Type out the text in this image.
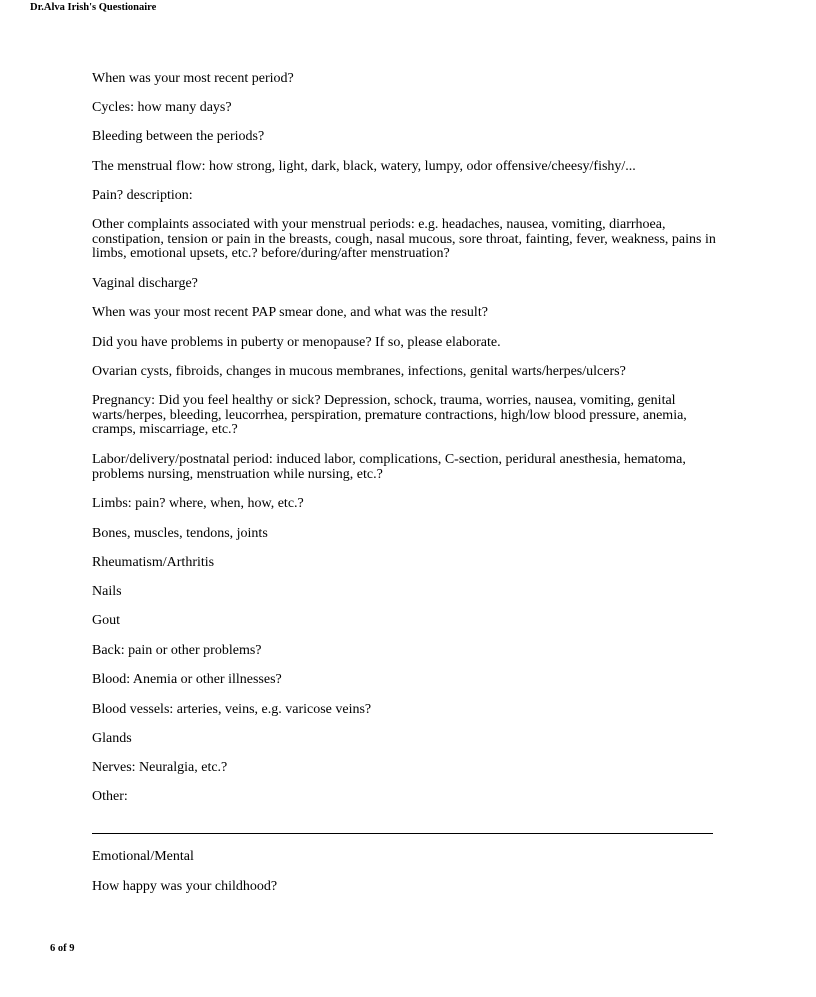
Dr.Alva Irish's Questionaire
When was your most recent period?
Cycles: how many days?
Bleeding between the periods?
The menstrual flow: how strong, light, dark, black, watery, lumpy, odor offensive/cheesy/fishy/...
Pain? description:
Other complaints associated with your menstrual periods: e.g. headaches, nausea, vomiting, diarrhoea, constipation, tension or pain in the breasts, cough, nasal mucous, sore throat, fainting, fever, weakness, pains in limbs, emotional upsets, etc.? before/during/after menstruation?
Vaginal discharge?
When was your most recent PAP smear done, and what was the result?
Did you have problems in puberty or menopause? If so, please elaborate.
Ovarian cysts, fibroids, changes in mucous membranes, infections, genital warts/herpes/ulcers?
Pregnancy: Did you feel healthy or sick? Depression, schock, trauma, worries, nausea, vomiting, genital warts/herpes, bleeding, leucorrhea, perspiration, premature contractions, high/low blood pressure, anemia, cramps, miscarriage, etc.?
Labor/delivery/postnatal period: induced labor, complications, C-section, peridural anesthesia, hematoma, problems nursing, menstruation while nursing, etc.?
Limbs: pain? where, when, how, etc.?
Bones, muscles, tendons, joints
Rheumatism/Arthritis
Nails
Gout
Back: pain or other problems?
Blood: Anemia or other illnesses?
Blood vessels: arteries, veins, e.g. varicose veins?
Glands
Nerves: Neuralgia, etc.?
Other:
Emotional/Mental
How happy was your childhood?
6 of 9
